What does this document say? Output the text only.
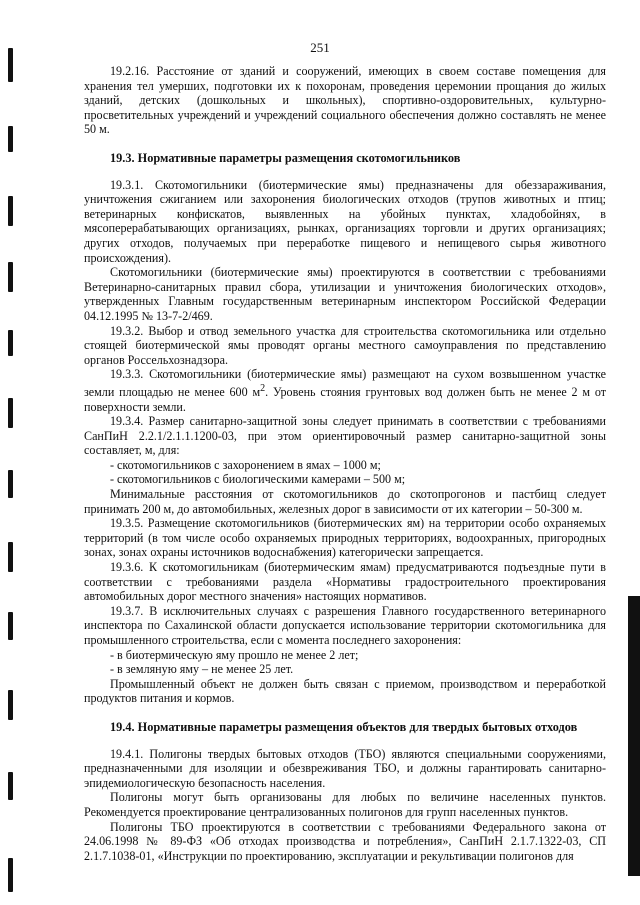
251

19.2.16. Расстояние от зданий и сооружений, имеющих в своем составе помещения для хранения тел умерших, подготовки их к похоронам, проведения церемонии прощания до жилых зданий, детских (дошкольных и школьных), спортивно-оздоровительных, культурно-просветительных учреждений и учреждений социального обеспечения должно составлять не менее 50 м.

19.3. Нормативные параметры размещения скотомогильников

19.3.1. Скотомогильники (биотермические ямы) предназначены для обеззараживания, уничтожения сжиганием или захоронения биологических отходов (трупов животных и птиц; ветеринарных конфискатов, выявленных на убойных пунктах, хладобойнях, в мясоперерабатывающих организациях, рынках, организациях торговли и других организациях; других отходов, получаемых при переработке пищевого и непищевого сырья животного происхождения).

Скотомогильники (биотермические ямы) проектируются в соответствии с требованиями Ветеринарно-санитарных правил сбора, утилизации и уничтожения биологических отходов», утвержденных Главным государственным ветеринарным инспектором Российской Федерации 04.12.1995 № 13-7-2/469.

19.3.2. Выбор и отвод земельного участка для строительства скотомогильника или отдельно стоящей биотермической ямы проводят органы местного самоуправления по представлению органов Россельхознадзора.

19.3.3. Скотомогильники (биотермические ямы) размещают на сухом возвышенном участке земли площадью не менее 600 $м^2$. Уровень стояния грунтовых вод должен быть не менее 2 м от поверхности земли.

19.3.4. Размер санитарно-защитной зоны следует принимать в соответствии с требованиями СанПиН 2.2.1/2.1.1.1200-03, при этом ориентировочный размер санитарно-защитной зоны составляет, м, для:

- скотомогильников с захоронением в ямах – 1000 м;

- скотомогильников с биологическими камерами – 500 м;

Минимальные расстояния от скотомогильников до скотопрогонов и пастбищ следует принимать 200 м, до автомобильных, железных дорог в зависимости от их категории – 50-300 м.

19.3.5. Размещение скотомогильников (биотермических ям) на территории особо охраняемых территорий (в том числе особо охраняемых природных территориях, водоохранных, пригородных зонах, зонах охраны источников водоснабжения) категорически запрещается.

19.3.6. К скотомогильникам (биотермическим ямам) предусматриваются подъездные пути в соответствии с требованиями раздела «Нормативы градостроительного проектирования автомобильных дорог местного значения» настоящих нормативов.

19.3.7. В исключительных случаях с разрешения Главного государственного ветеринарного инспектора по Сахалинской области допускается использование территории скотомогильника для промышленного строительства, если с момента последнего захоронения:

- в биотермическую яму прошло не менее 2 лет;

- в земляную яму – не менее 25 лет.

Промышленный объект не должен быть связан с приемом, производством и переработкой продуктов питания и кормов.

19.4. Нормативные параметры размещения объектов для твердых бытовых отходов

19.4.1. Полигоны твердых бытовых отходов (ТБО) являются специальными сооружениями, предназначенными для изоляции и обезвреживания ТБО, и должны гарантировать санитарно-эпидемиологическую безопасность населения.

Полигоны могут быть организованы для любых по величине населенных пунктов. Рекомендуется проектирование централизованных полигонов для групп населенных пунктов.

Полигоны ТБО проектируются в соответствии с требованиями Федерального закона от 24.06.1998 № 89-ФЗ «Об отходах производства и потребления», СанПиН 2.1.7.1322-03, СП 2.1.7.1038-01, «Инструкции по проектированию, эксплуатации и рекультивации полигонов для
